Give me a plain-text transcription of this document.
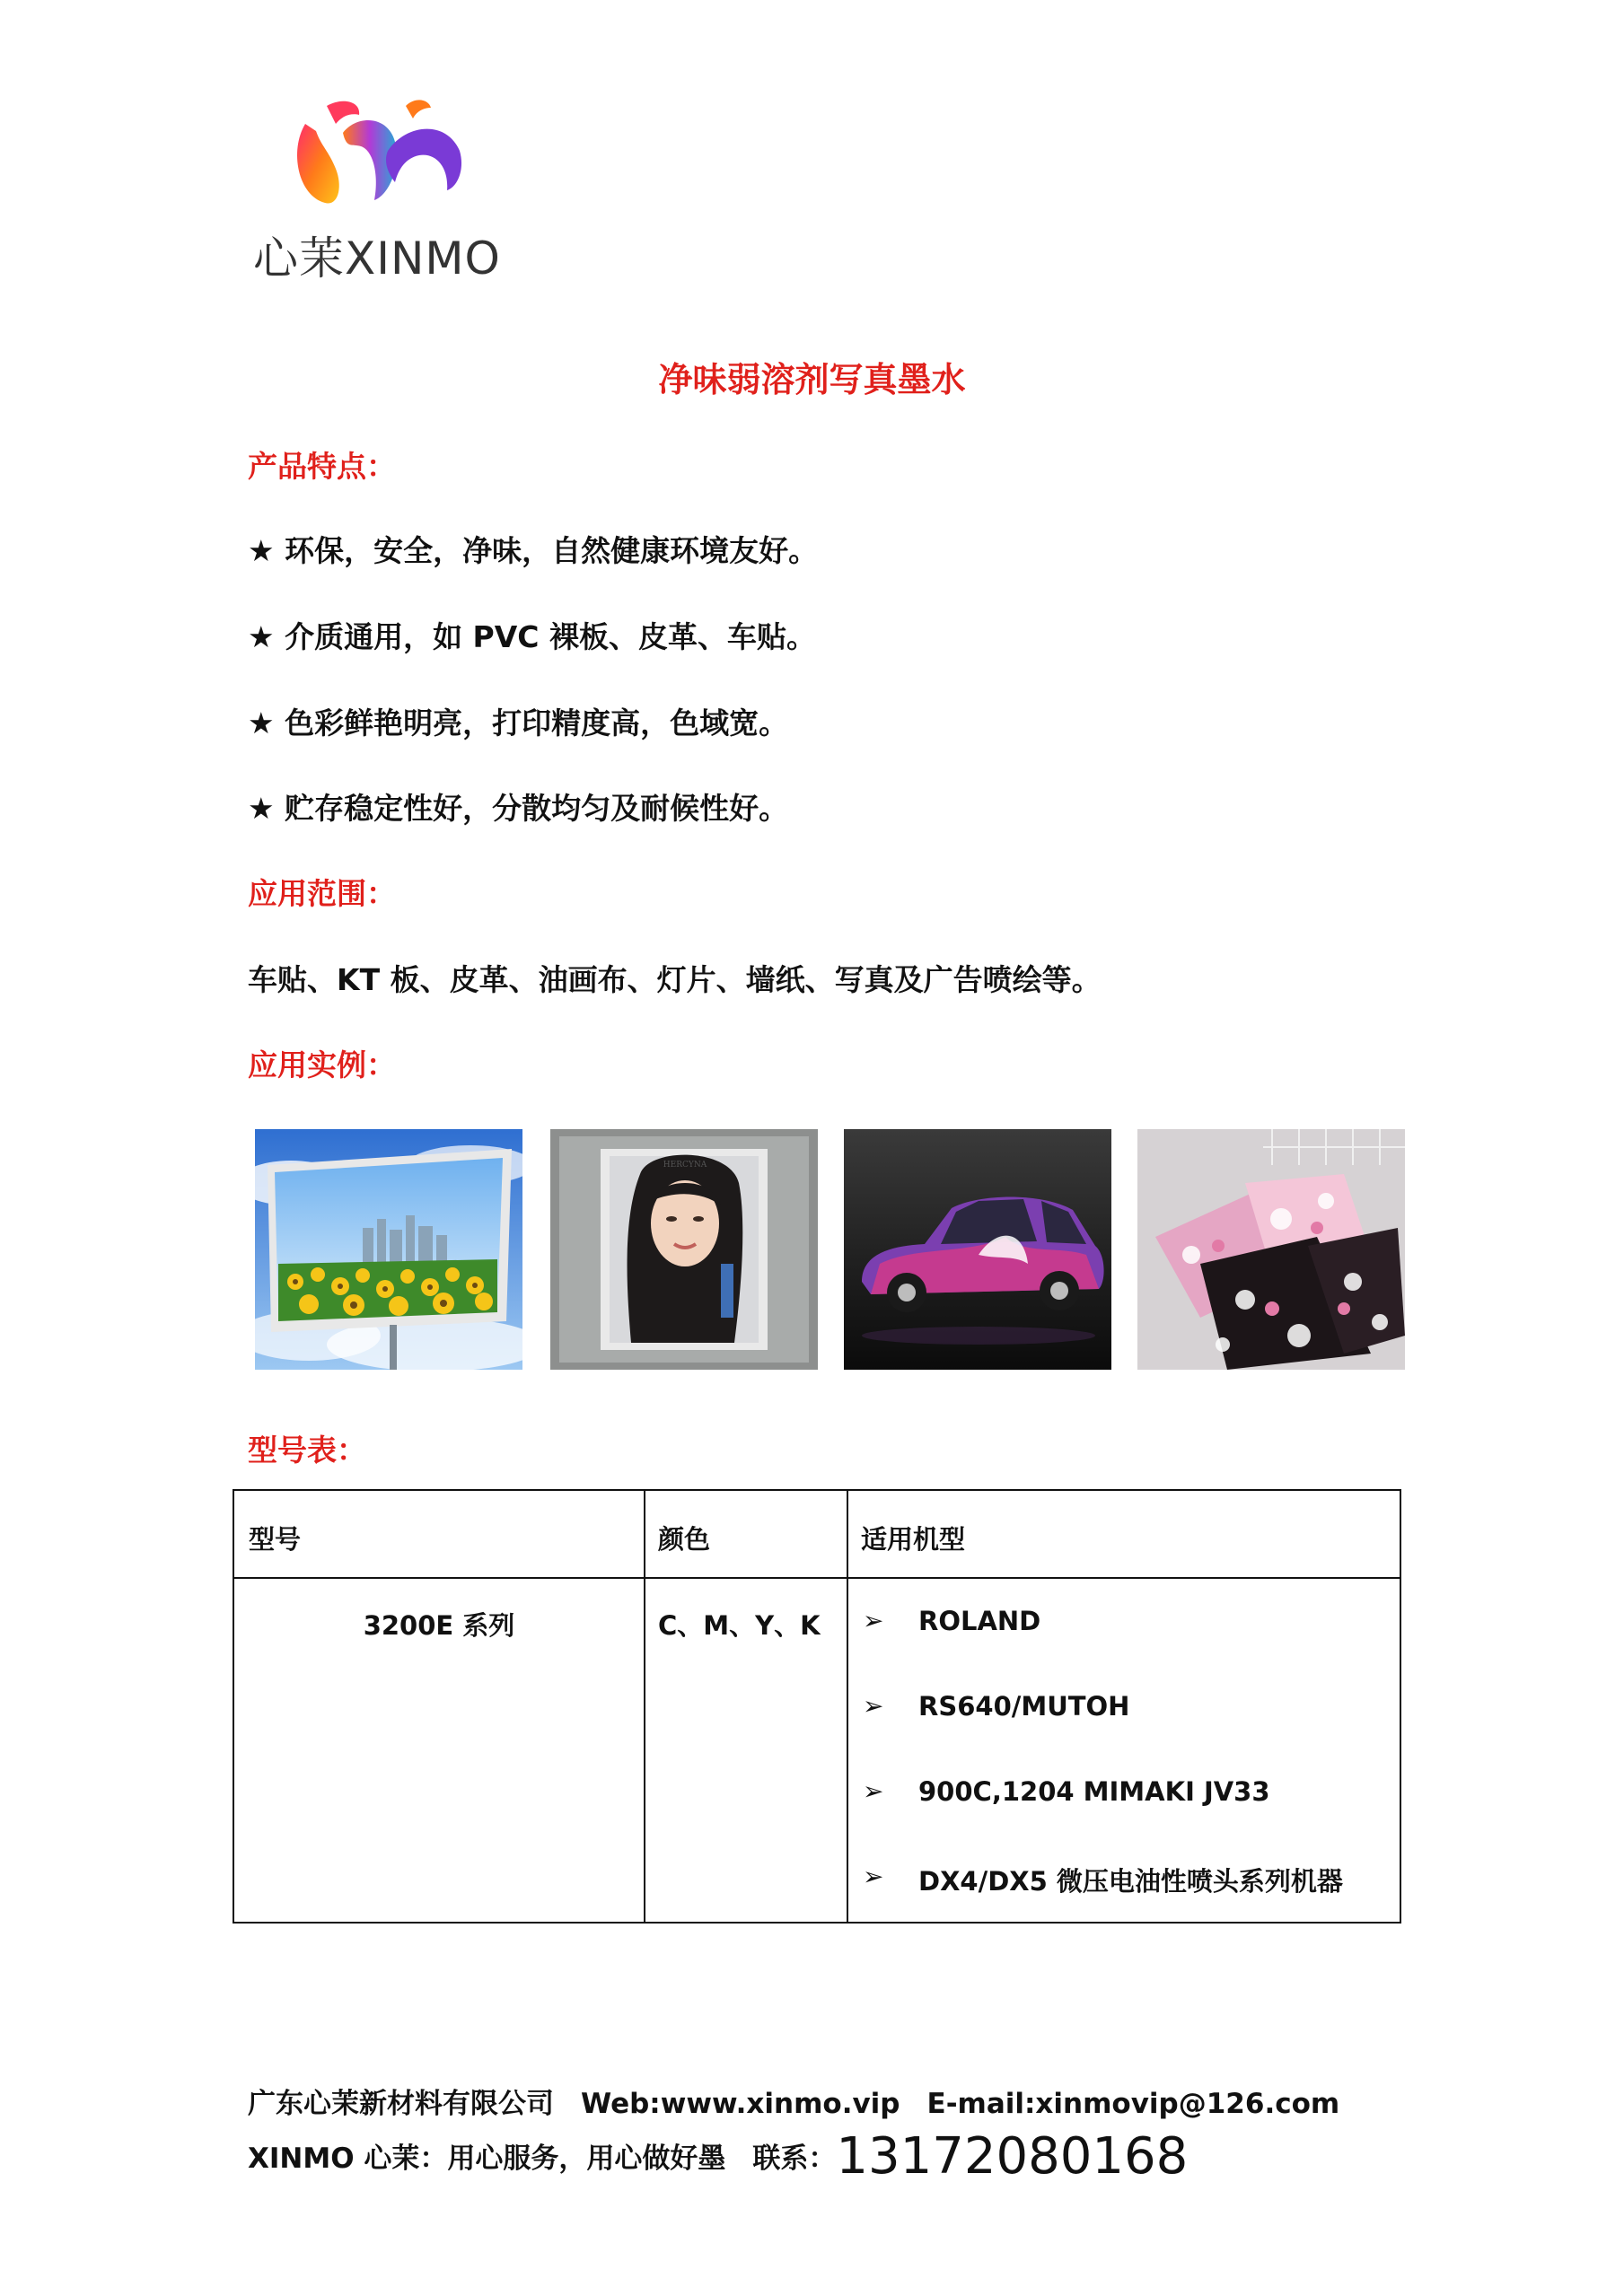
心茉XINMO
净味弱溶剂写真墨水
产品特点：
★ 环保，安全，净味，自然健康环境友好。
★ 介质通用，如 PVC 裸板、皮革、车贴。
★ 色彩鲜艳明亮，打印精度高，色域宽。
★ 贮存稳定性好，分散均匀及耐候性好。
应用范围：
车贴、KT 板、皮革、油画布、灯片、墙纸、写真及广告喷绘等。
应用实例：
HERCYNA
型号表：
型号	颜色	适用机型
3200E 系列	C、M、Y、K ➢ ROLAND
➢ RS640/MUTOH
➢ 900C,1204 MIMAKI JV33
➢ DX4/DX5 微压电油性喷头系列机器
广东心茉新材料有限公司 Web:www.xinmo.vip E-mail:xinmovip@126.com
XINMO 心茉：用心服务，用心做好墨 联系：13172080168
